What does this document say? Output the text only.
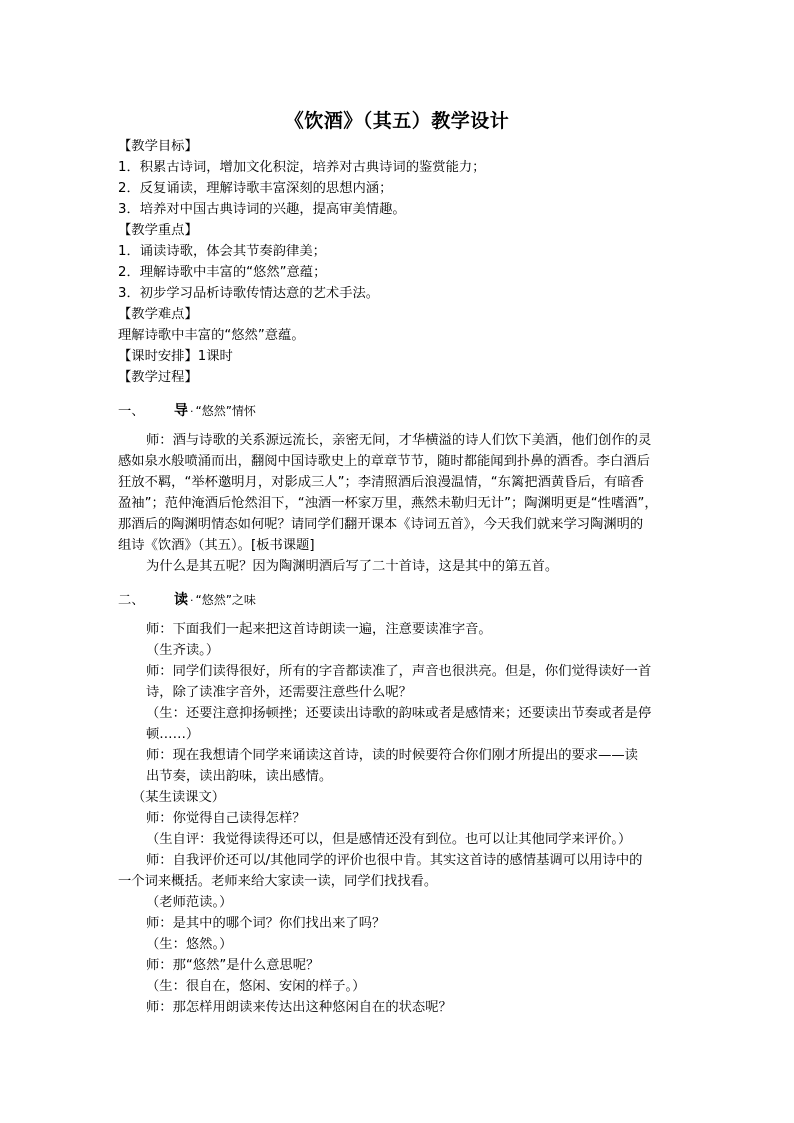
《饮酒》（其五）教学设计
【教学目标】
1．积累古诗词，增加文化积淀，培养对古典诗词的鉴赏能力；
2．反复诵读，理解诗歌丰富深刻的思想内涵；
3．培养对中国古典诗词的兴趣，提高审美情趣。
【教学重点】
1．诵读诗歌，体会其节奏韵律美；
2．理解诗歌中丰富的“悠然”意蕴；
3．初步学习品析诗歌传情达意的艺术手法。
【教学难点】
理解诗歌中丰富的“悠然”意蕴。
【课时安排】1课时
【教学过程】
一、 导 · “悠然”情怀
师：酒与诗歌的关系源远流长，亲密无间，才华横溢的诗人们饮下美酒，他们创作的灵
感如泉水般喷涌而出，翻阅中国诗歌史上的章章节节，随时都能闻到扑鼻的酒香。李白酒后
狂放不羁，“举杯邀明月，对影成三人”；李清照酒后浪漫温情，“东篱把酒黄昏后，有暗香
盈袖”；范仲淹酒后怆然泪下，“浊酒一杯家万里，燕然未勒归无计”；陶渊明更是“性嗜酒”，
那酒后的陶渊明情态如何呢？请同学们翻开课本《诗词五首》，今天我们就来学习陶渊明的
组诗《饮酒》（其五）。[板书课题]
为什么是其五呢？因为陶渊明酒后写了二十首诗，这是其中的第五首。
二、 读 · “悠然”之味
师：下面我们一起来把这首诗朗读一遍，注意要读准字音。
（生齐读。）
师：同学们读得很好，所有的字音都读准了，声音也很洪亮。但是，你们觉得读好一首
诗，除了读准字音外，还需要注意些什么呢？
（生：还要注意抑扬顿挫；还要读出诗歌的韵味或者是感情来；还要读出节奏或者是停
顿……）
师：现在我想请个同学来诵读这首诗，读的时候要符合你们刚才所提出的要求——读
出节奏，读出韵味，读出感情。
（某生读课文）
师：你觉得自己读得怎样？
（生自评：我觉得读得还可以，但是感情还没有到位。也可以让其他同学来评价。）
师：自我评价还可以/其他同学的评价也很中肯。其实这首诗的感情基调可以用诗中的
一个词来概括。老师来给大家读一读，同学们找找看。
（老师范读。）
师：是其中的哪个词？你们找出来了吗？
（生：悠然。）
师：那“悠然”是什么意思呢？
（生：很自在，悠闲、安闲的样子。）
师：那怎样用朗读来传达出这种悠闲自在的状态呢？
